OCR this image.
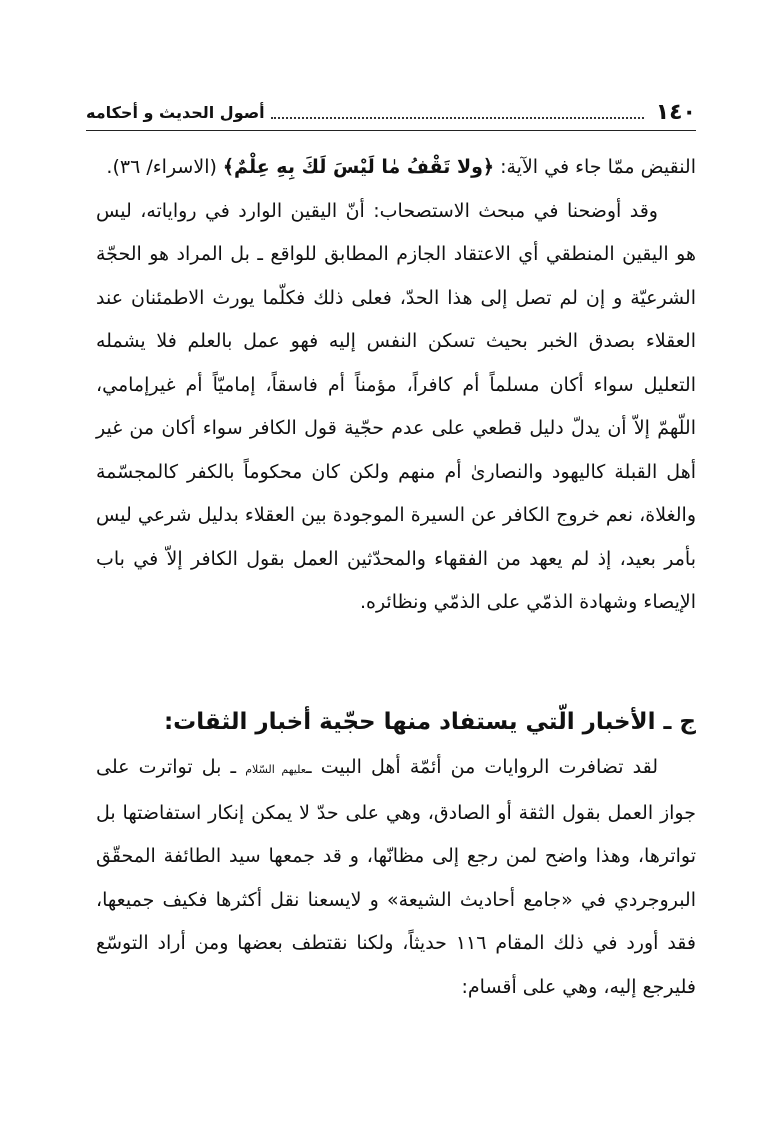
١٤٠
أصول الحديث و أحكامه

النقيض ممّا جاء في الآية: ﴿ولا تَقْفُ مٰا لَيْسَ لَكَ بِهِ عِلْمٌ﴾ (الاسراء/ ٣٦).

وقد أوضحنا في مبحث الاستصحاب: أنّ اليقين الوارد في رواياته، ليس هو اليقين المنطقي أي الاعتقاد الجازم المطابق للواقع ـ بل المراد هو الحجّة الشرعيّة و إن لم تصل إلى هذا الحدّ، فعلى ذلك فكلّما يورث الاطمئنان عند العقلاء بصدق الخبر بحيث تسكن النفس إليه فهو عمل بالعلم فلا يشمله التعليل سواء أكان مسلماً أم كافراً، مؤمناً أم فاسقاً، إماميّاً أم غيرإمامي، اللّهمّ إلاّ أن يدلّ دليل قطعي على عدم حجّية قول الكافر سواء أكان من غير أهل القبلة كاليهود والنصارىٰ أم منهم ولكن كان محكوماً بالكفر كالمجسّمة والغلاة، نعم خروج الكافر عن السيرة الموجودة بين العقلاء بدليل شرعي ليس بأمر بعيد، إذ لم يعهد من الفقهاء والمحدّثين العمل بقول الكافر إلاّ في باب الإيصاء وشهادة الذمّي على الذمّي ونظائره.

ج ـ الأخبار الّتي يستفاد منها حجّية أخبار الثقات:

لقد تضافرت الروايات من أئمّة أهل البيت ـعليهم السّلام ـ بل تواترت على جواز العمل بقول الثقة أو الصادق، وهي على حدّ لا يمكن إنكار استفاضتها بل تواترها، وهذا واضح لمن رجع إلى مظانّها، و قد جمعها سيد الطائفة المحقّق البروجردي في «جامع أحاديث الشيعة» و لايسعنا نقل أكثرها فكيف جميعها، فقد أورد في ذلك المقام ١١٦ حديثاً، ولكنا نقتطف بعضها ومن أراد التوسّع فليرجع إليه، وهي على أقسام:
